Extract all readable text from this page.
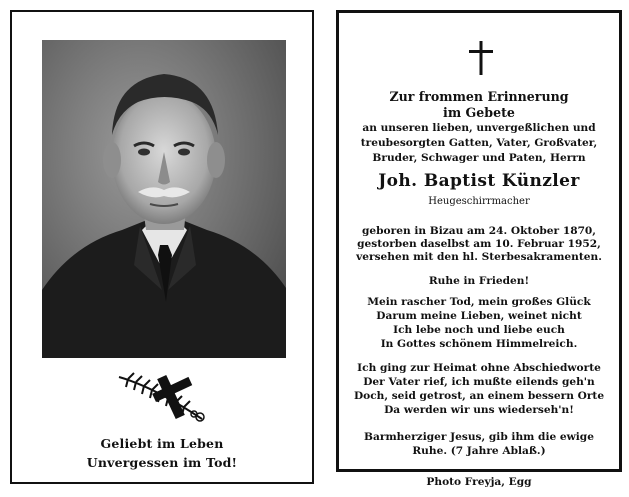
Geliebt im Leben
Unvergessen im Tod!
Zur frommen Erinnerung
im Gebete
an unseren lieben, unvergeßlichen und
treubesorgten Gatten, Vater, Großvater,
Bruder, Schwager und Paten, Herrn
Joh. Baptist Künzler
Heugeschirrmacher
geboren in Bizau am 24. Oktober 1870,
gestorben daselbst am 10. Februar 1952,
versehen mit den hl. Sterbesakramenten.
Ruhe in Frieden!
Mein rascher Tod, mein großes Glück
Darum meine Lieben, weinet nicht
Ich lebe noch und liebe euch
In Gottes schönem Himmelreich.
Ich ging zur Heimat ohne Abschiedworte
Der Vater rief, ich mußte eilends geh'n
Doch, seid getrost, an einem bessern Orte
Da werden wir uns wiederseh'n!
Barmherziger Jesus, gib ihm die ewige
Ruhe. (7 Jahre Ablaß.)
Photo Freyja, Egg
